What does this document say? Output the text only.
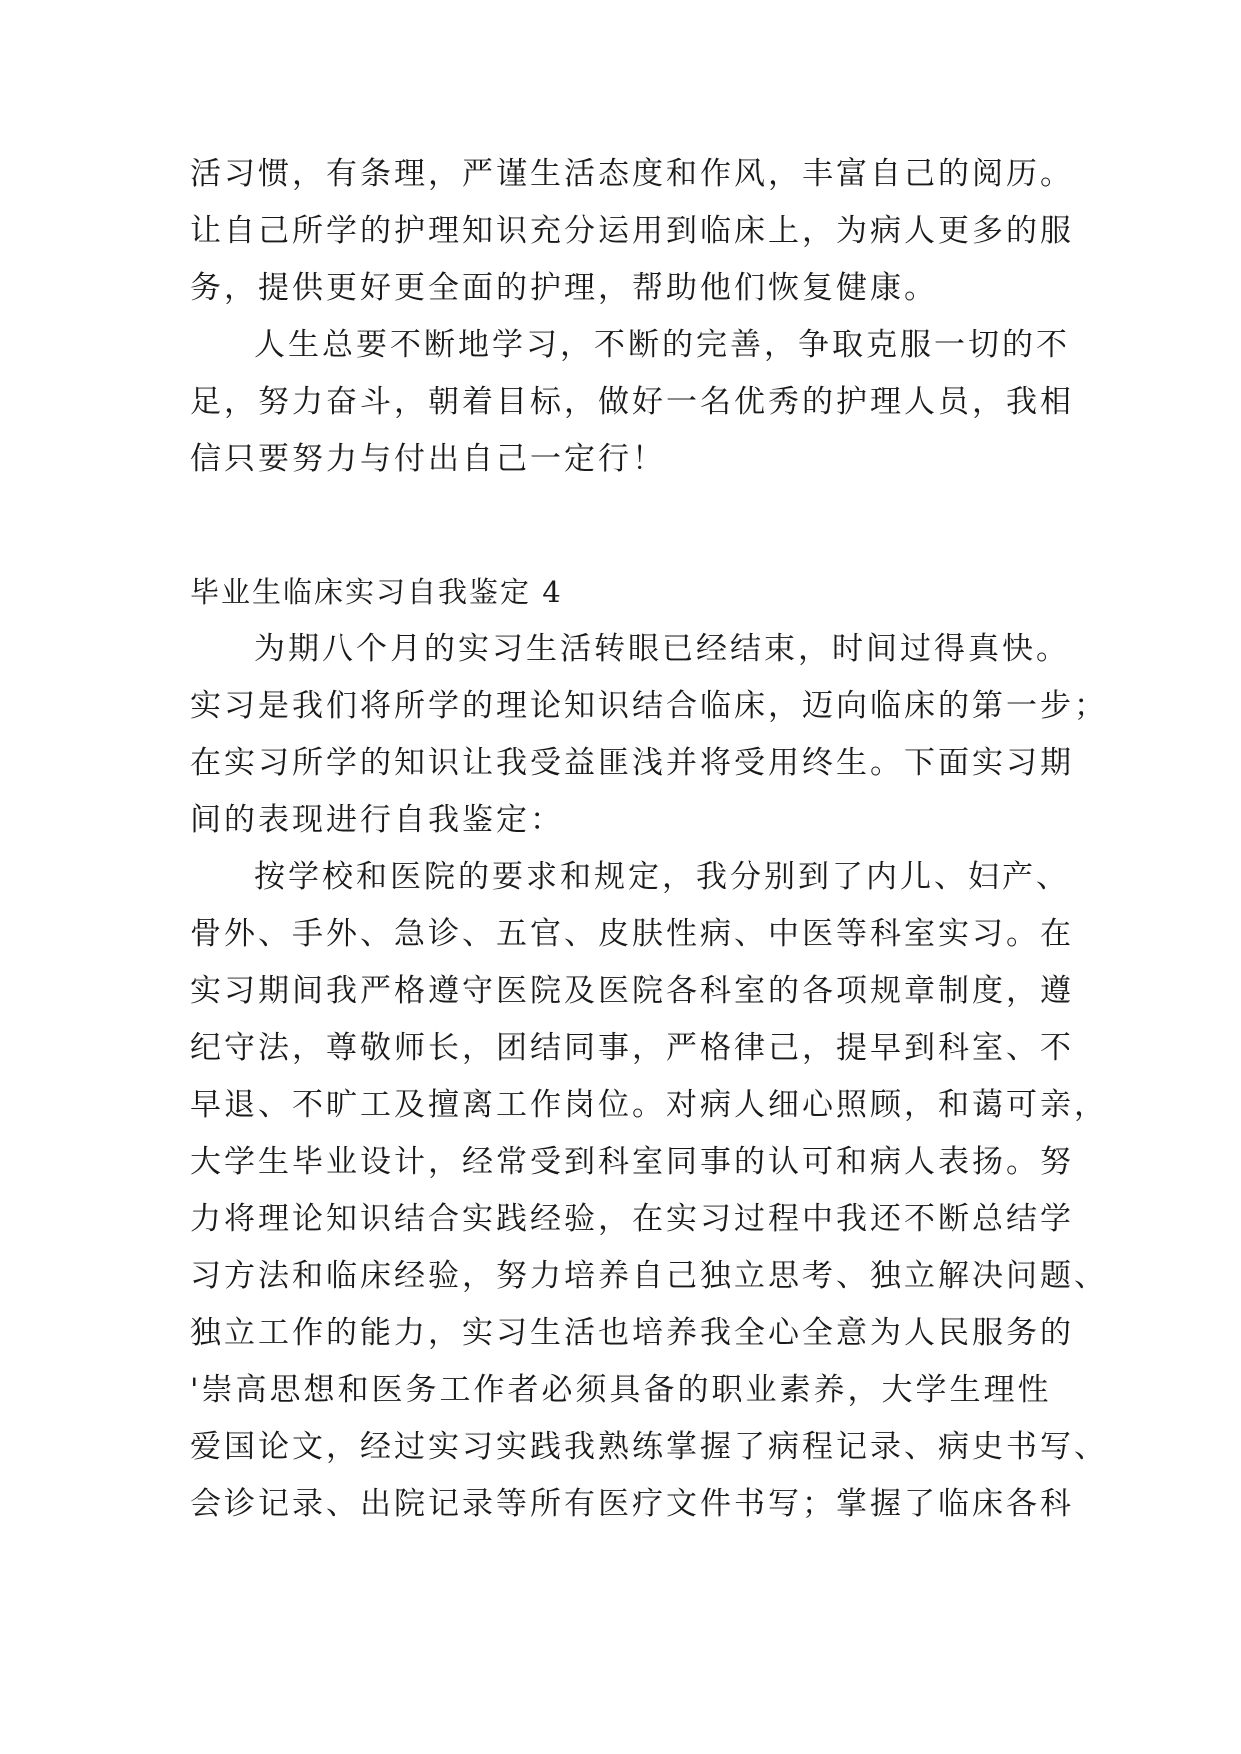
活习惯，有条理，严谨生活态度和作风，丰富自己的阅历。
让自己所学的护理知识充分运用到临床上，为病人更多的服
务，提供更好更全面的护理，帮助他们恢复健康。
人生总要不断地学习，不断的完善，争取克服一切的不
足，努力奋斗，朝着目标，做好一名优秀的护理人员，我相
信只要努力与付出自己一定行！
毕业生临床实习自我鉴定 4
为期八个月的实习生活转眼已经结束，时间过得真快。
实习是我们将所学的理论知识结合临床，迈向临床的第一步；
在实习所学的知识让我受益匪浅并将受用终生。下面实习期
间的表现进行自我鉴定：
按学校和医院的要求和规定，我分别到了内儿、妇产、
骨外、手外、急诊、五官、皮肤性病、中医等科室实习。在
实习期间我严格遵守医院及医院各科室的各项规章制度，遵
纪守法，尊敬师长，团结同事，严格律己，提早到科室、不
早退、不旷工及擅离工作岗位。对病人细心照顾，和蔼可亲，
大学生毕业设计，经常受到科室同事的认可和病人表扬。努
力将理论知识结合实践经验，在实习过程中我还不断总结学
习方法和临床经验，努力培养自己独立思考、独立解决问题、
独立工作的能力，实习生活也培养我全心全意为人民服务的
'崇高思想和医务工作者必须具备的职业素养，大学生理性
爱国论文，经过实习实践我熟练掌握了病程记录、病史书写、
会诊记录、出院记录等所有医疗文件书写；掌握了临床各科
